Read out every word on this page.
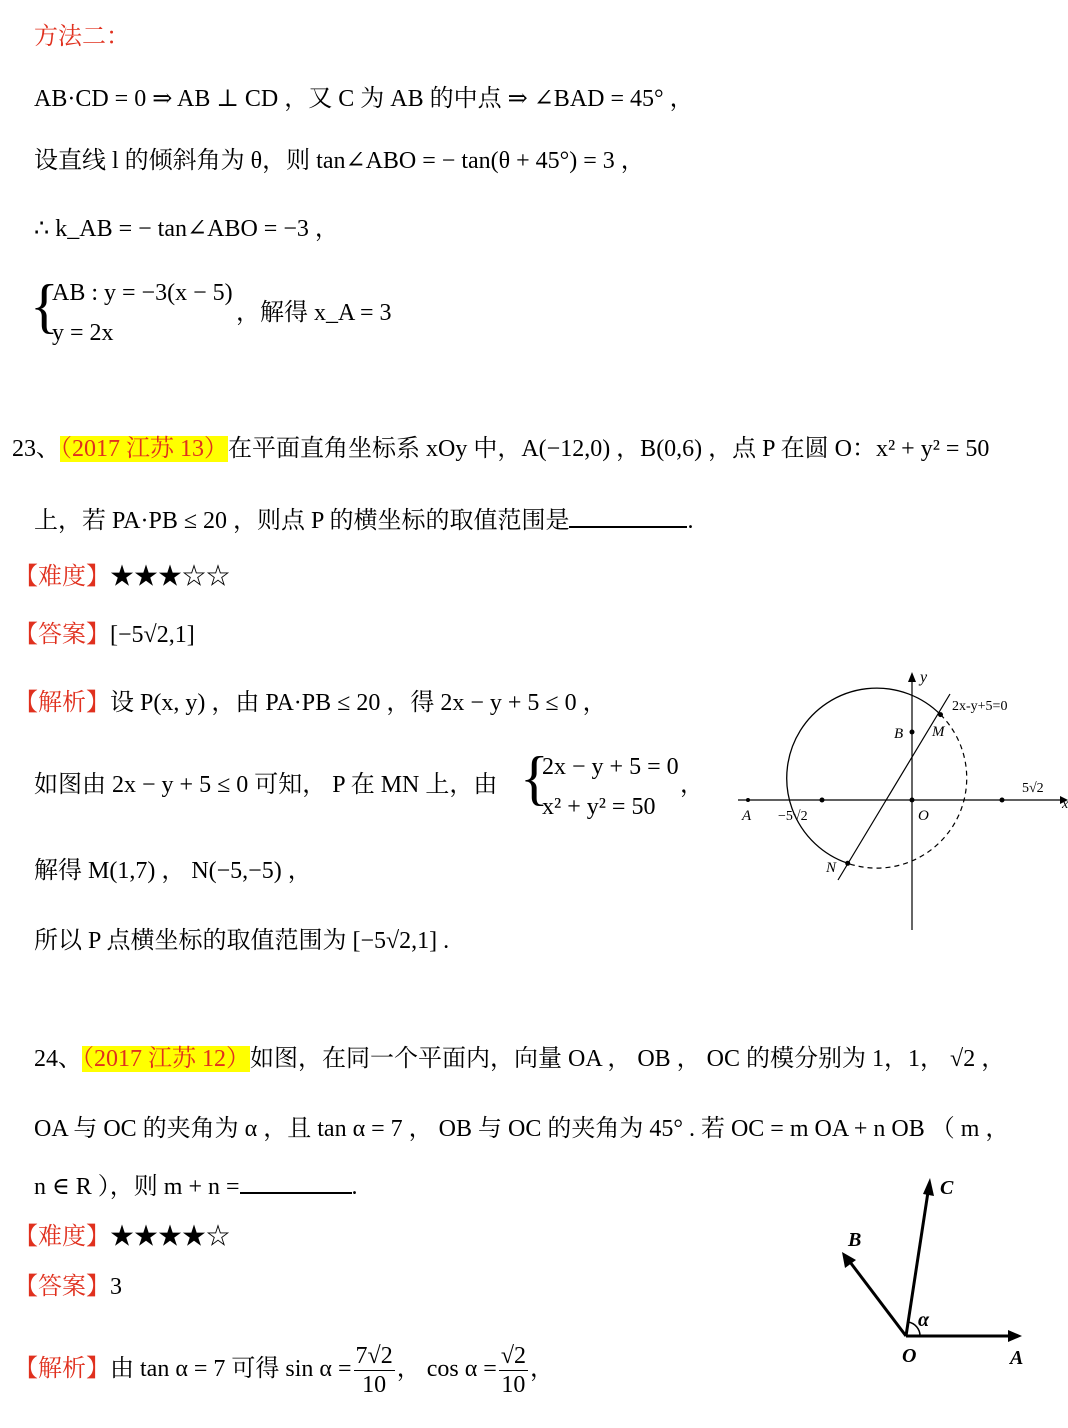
方法二：
AB·CD = 0 ⇒ AB ⊥ CD ，又 C 为 AB 的中点 ⇒ ∠BAD = 45° ，
设直线 l 的倾斜角为 θ，则 tan∠ABO = − tan(θ + 45°) = 3 ，
∴ k_AB = − tan∠ABO = −3 ，
{
AB : y = −3(x − 5)
y = 2x
，解得 x_A = 3
23、（2017 江苏 13）在平面直角坐标系 xOy 中，A(−12,0) ，B(0,6) ，点 P 在圆 O：x² + y² = 50
上，若 PA·PB ≤ 20 ，则点 P 的横坐标的取值范围是	.
【难度】★★★☆☆
【答案】[−5√2,1]
【解析】设 P(x, y) ，由 PA·PB ≤ 20 ，得 2x − y + 5 ≤ 0 ，
如图由 2x − y + 5 ≤ 0 可知， P 在 MN 上，由 {
2x − y + 5 = 0
x² + y² = 50
，
解得 M(1,7) ， N(−5,−5) ，
所以 P 点横坐标的取值范围为 [−5√2,1] .
y
x
2x-y+5=0
B M
A −5√2
5√2
O
N
24、（2017 江苏 12）如图，在同一个平面内，向量 OA ， OB ， OC 的模分别为 1，1， √2 ，
OA 与 OC 的夹角为 α ，且 tan α = 7 ， OB 与 OC 的夹角为 45° . 若 OC = m OA + n OB （ m ，
n ∈ R ），则 m + n =	.
【难度】★★★★☆
【答案】3
【解析】由 tan α = 7 可得 $\sin \alpha = \frac{7√2}{10}$ ， $\cos \alpha = \frac{√2}{10}$ ，
C
B
α
O	A
